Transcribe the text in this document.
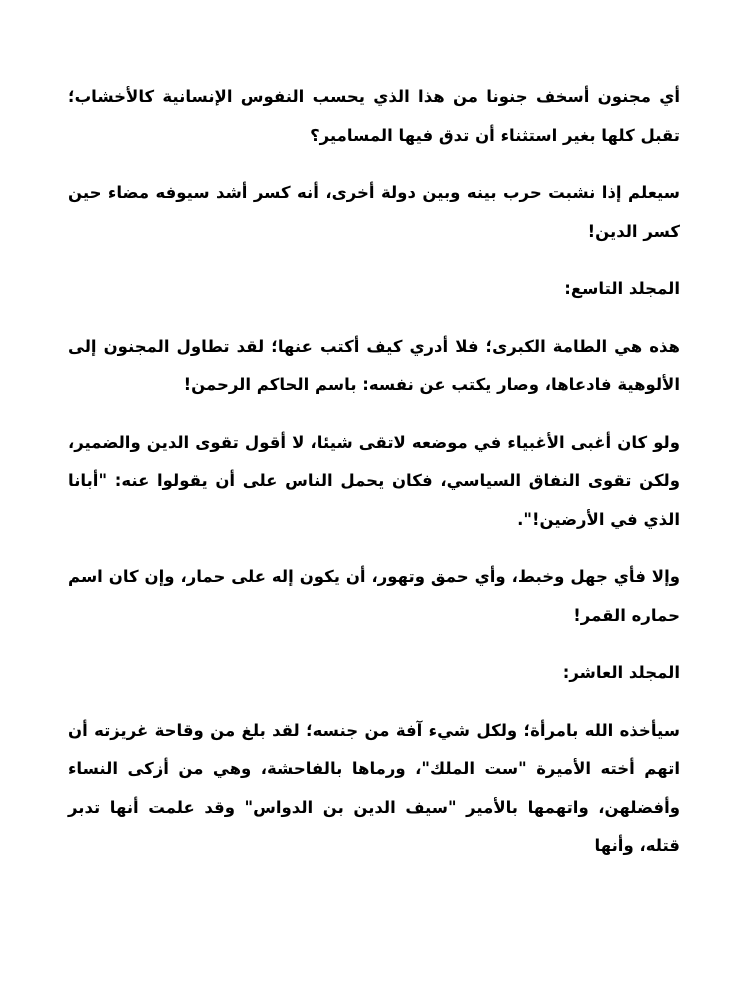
أي مجنون أسخف جنونا من هذا الذي يحسب النفوس الإنسانية كالأخشاب؛ تقبل كلها بغير استثناء أن تدق فيها المسامير؟

سيعلم إذا نشبت حرب بينه وبين دولة أخرى، أنه كسر أشد سيوفه مضاء حين كسر الدين!

المجلد التاسع:

هذه هي الطامة الكبرى؛ فلا أدري كيف أكتب عنها؛ لقد تطاول المجنون إلى الألوهية فادعاها، وصار يكتب عن نفسه: باسم الحاكم الرحمن!

ولو كان أغبى الأغبياء في موضعه لاتقى شيئا، لا أقول تقوى الدين والضمير، ولكن تقوى النفاق السياسي، فكان يحمل الناس على أن يقولوا عنه: "أبانا الذي في الأرضين!".

وإلا فأي جهل وخبط، وأي حمق وتهور، أن يكون إله على حمار، وإن كان اسم حماره القمر!

المجلد العاشر:

سيأخذه الله بامرأة؛ ولكل شيء آفة من جنسه؛ لقد بلغ من وقاحة غريزته أن اتهم أخته الأميرة "ست الملك"، ورماها بالفاحشة، وهي من أزكى النساء وأفضلهن، واتهمها بالأمير "سيف الدين بن الدواس" وقد علمت أنها تدبر قتله، وأنها
